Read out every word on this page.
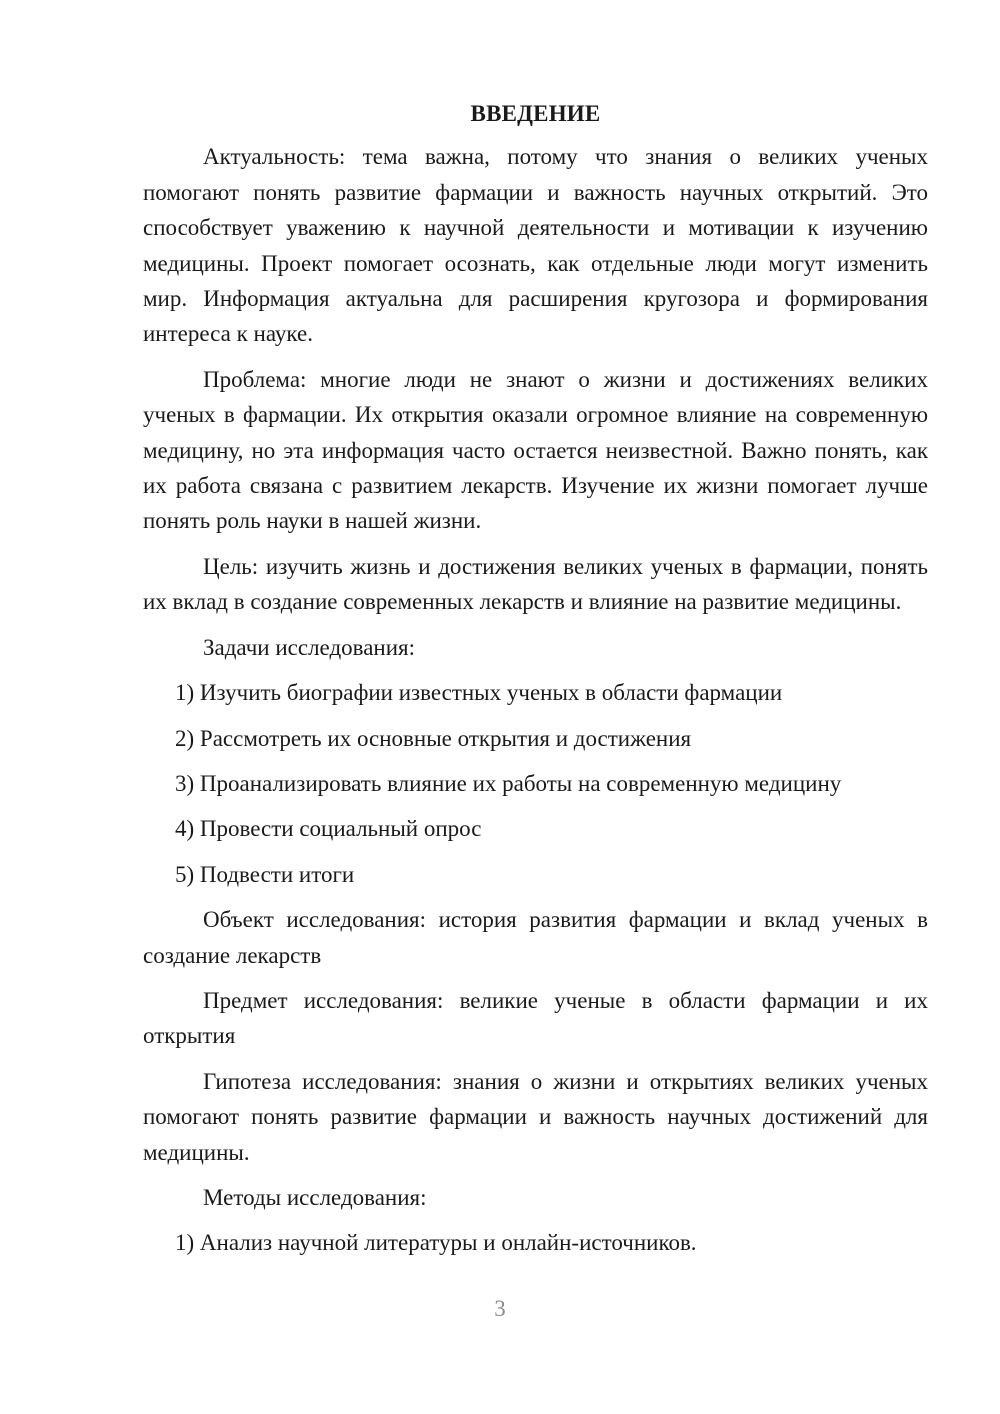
ВВЕДЕНИЕ

Актуальность: тема важна, потому что знания о великих ученых помогают понять развитие фармации и важность научных открытий. Это способствует уважению к научной деятельности и мотивации к изучению медицины. Проект помогает осознать, как отдельные люди могут изменить мир. Информация актуальна для расширения кругозора и формирования интереса к науке.

Проблема: многие люди не знают о жизни и достижениях великих ученых в фармации. Их открытия оказали огромное влияние на современную медицину, но эта информация часто остается неизвестной. Важно понять, как их работа связана с развитием лекарств. Изучение их жизни помогает лучше понять роль науки в нашей жизни.

Цель: изучить жизнь и достижения великих ученых в фармации, понять их вклад в создание современных лекарств и влияние на развитие медицины.

Задачи исследования:
1) Изучить биографии известных ученых в области фармации
2) Рассмотреть их основные открытия и достижения
3) Проанализировать влияние их работы на современную медицину
4) Провести социальный опрос
5) Подвести итоги

Объект исследования: история развития фармации и вклад ученых в создание лекарств

Предмет исследования: великие ученые в области фармации и их открытия

Гипотеза исследования: знания о жизни и открытиях великих ученых помогают понять развитие фармации и важность научных достижений для медицины.

Методы исследования:
1) Анализ научной литературы и онлайн-источников.
3
